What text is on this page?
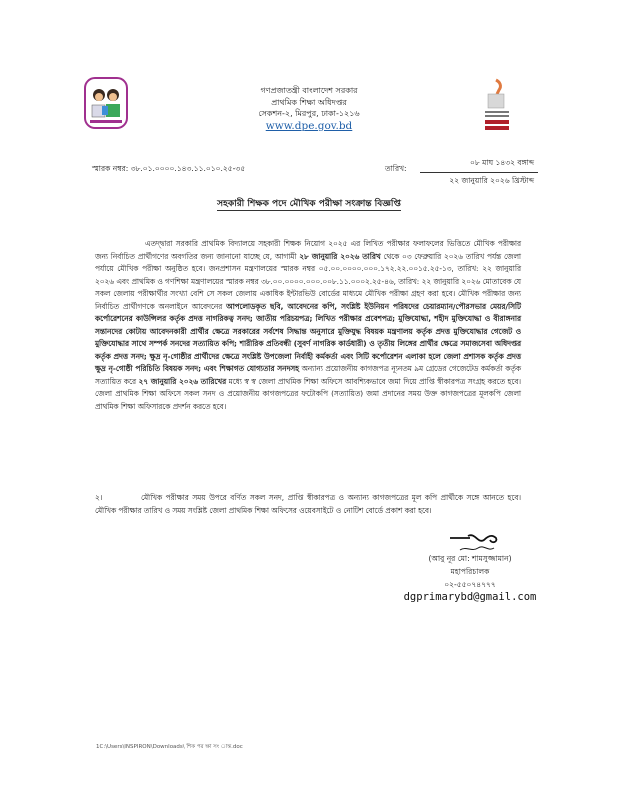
গণপ্রজাতন্ত্রী বাংলাদেশ সরকার
প্রাথমিক শিক্ষা অধিদপ্তর
সেকশন-২, মিরপুর, ঢাকা-১২১৬
www.dpe.gov.bd
স্মারক নম্বর: ৩৮.০১.০০০০.১৪৩.১১.০১০.২৫-৩৫	তারিখ:
০৮ মাঘ ১৪৩২ বঙ্গাব্দ
২২ জানুয়ারি ২০২৬ খ্রিস্টাব্দ
সহকারী শিক্ষক পদে মৌখিক পরীক্ষা সংক্রান্ত বিজ্ঞপ্তি
এতদ্দ্বারা সরকারি প্রাথমিক বিদ্যালয়ে সহকারী শিক্ষক নিয়োগ ২০২৫ এর লিখিত পরীক্ষার ফলাফলের ভিত্তিতে মৌখিক পরীক্ষার জন্য নির্বাচিত প্রার্থীগণের অবগতির জন্য জানানো যাচ্ছে যে, আগামী ২৮ জানুয়ারি ২০২৬ তারিখ থেকে ০৩ ফেব্রুয়ারি ২০২৬ তারিখ পর্যন্ত জেলা পর্যায়ে মৌখিক পরীক্ষা অনুষ্ঠিত হবে। জনপ্রশাসন মন্ত্রণালয়ের স্মারক নম্বর ০৫.০০.০০০০.০০০.১৭২.২২.০০১৫.২৫-১৩, তারিখ: ২২ জানুয়ারি ২০২৬ এবং প্রাথমিক ও গণশিক্ষা মন্ত্রণালয়ের স্মারক নম্বর ৩৮.০০.০০০০.০০০.০০৮.১১.০০০২.২৫-৪৬, তারিখ: ২২ জানুয়ারি ২০২৬ মোতাবেক যে সকল জেলায় পরীক্ষার্থীর সংখ্যা বেশি সে সকল জেলায় একাধিক ইন্টারভিউ বোর্ডের মাধ্যমে মৌখিক পরীক্ষা গ্রহণ করা হবে। মৌখিক পরীক্ষার জন্য নির্বাচিত প্রার্থীগণকে অনলাইনে আবেদনের আপলোডকৃত ছবি, আবেদনের কপি, সংশ্লিষ্ট ইউনিয়ন পরিষদের চেয়ারম্যান/পৌরসভার মেয়র/সিটি কর্পোরেশনের কাউন্সিলর কর্তৃক প্রদত্ত নাগরিকত্ব সনদ; জাতীয় পরিচয়পত্র; লিখিত পরীক্ষার প্রবেশপত্র; মুক্তিযোদ্ধা, শহীদ মুক্তিযোদ্ধা ও বীরাঙ্গনার সন্তানদের কোটায় আবেদনকারী প্রার্থীর ক্ষেত্রে সরকারের সর্বশেষ সিদ্ধান্ত অনুসারে মুক্তিযুদ্ধ বিষয়ক মন্ত্রণালয় কর্তৃক প্রদত্ত মুক্তিযোদ্ধার গেজেট ও মুক্তিযোদ্ধার সাথে সম্পর্ক সনদের সত্যায়িত কপি; শারীরিক প্রতিবন্ধী (সুবর্ণ নাগরিক কার্ডধারী) ও তৃতীয় লিঙ্গের প্রার্থীর ক্ষেত্রে সমাজসেবা অধিদপ্তর কর্তৃক প্রদত্ত সনদ; ক্ষুদ্র নৃ-গোষ্ঠীর প্রার্থীদের ক্ষেত্রে সংশ্লিষ্ট উপজেলা নির্বাহী কর্মকর্তা এবং সিটি কর্পোরেশন এলাকা হলে জেলা প্রশাসক কর্তৃক প্রদত্ত ক্ষুদ্র নৃ-গোষ্ঠী পরিচিতি বিষয়ক সনদ; এবং শিক্ষাগত যোগ্যতার সনদসহ অন্যান্য প্রয়োজনীয় কাগজপত্র ন্যূনতম ৯ম গ্রেডের গেজেটেড কর্মকর্তা কর্তৃক সত্যায়িত করে ২৭ জানুয়ারি ২০২৬ তারিখের মধ্যে স্ব স্ব জেলা প্রাথমিক শিক্ষা অফিসে আবশ্যিকভাবে জমা দিয়ে প্রাপ্তি স্বীকারপত্র সংগ্রহ করতে হবে। জেলা প্রাথমিক শিক্ষা অফিসে সকল সনদ ও প্রয়োজনীয় কাগজপত্রের ফটোকপি (সত্যায়িত) জমা প্রদানের সময় উক্ত কাগজপত্রের মূলকপি জেলা প্রাথমিক শিক্ষা অফিসারকে প্রদর্শন করতে হবে।
২।	মৌখিক পরীক্ষার সময় উপরে বর্ণিত সকল সনদ, প্রাপ্তি স্বীকারপত্র ও অন্যান্য কাগজপত্রের মূল কপি প্রার্থীকে সঙ্গে আনতে হবে। মৌখিক পরীক্ষার তারিখ ও সময় সংশ্লিষ্ট জেলা প্রাথমিক শিক্ষা অফিসের ওয়েবসাইটে ও নোটিশ বোর্ডে প্রকাশ করা হবে।
(আবু নূর মো: শামসুজ্জামান)
মহাপরিচালক
০২-৫৫০৭৪৭৭৭
dgprimarybd@gmail.com
1C:\Users\INSPIRON\Downloads\ শিক পর ক্ষা সং ্রান্ত.doc
